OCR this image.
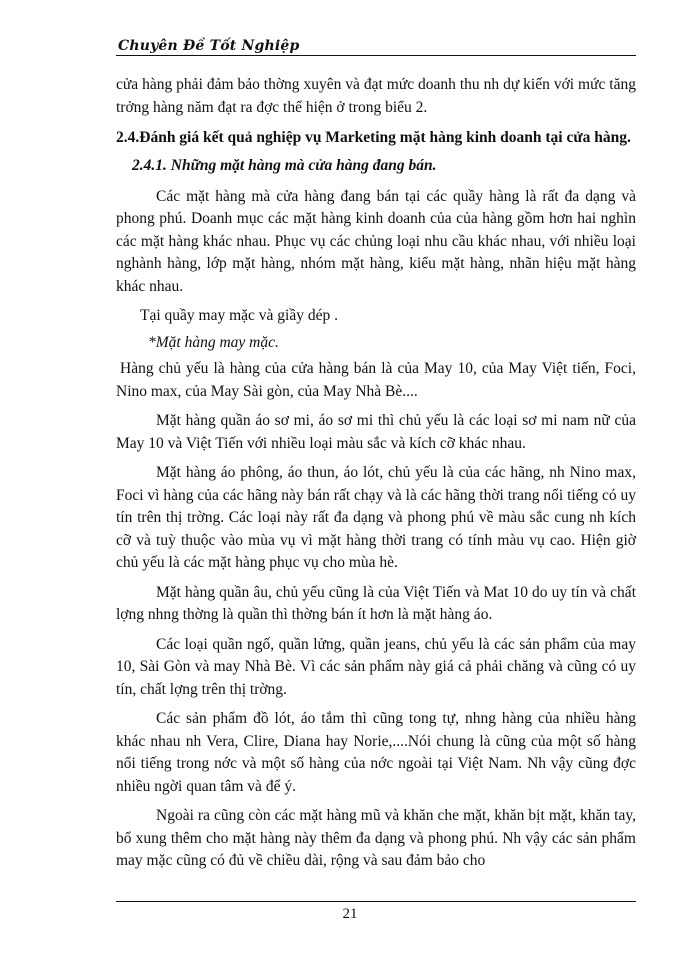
Chuyên Đề Tốt Nghiệp

cửa hàng phải đảm bảo thờng xuyên và đạt mức doanh thu nh dự kiến với mức tăng trởng hàng năm đạt ra đợc thể hiện ở trong biểu 2.

2.4.Đánh giá kết quả nghiệp vụ Marketing mặt hàng kinh doanh tại cửa hàng.

2.4.1. Những mặt hàng mà cửa hàng đang bán.

Các mặt hàng mà cửa hàng đang bán tại các quầy hàng là rất đa dạng và phong phú. Doanh mục các mặt hàng kinh doanh của của hàng gồm hơn hai nghìn các mặt hàng khác nhau. Phục vụ các chủng loại nhu cầu khác nhau, với nhiều loại nghành hàng, lớp mặt hàng, nhóm mặt hàng, kiểu mặt hàng, nhãn hiệu mặt hàng khác nhau.

Tại quầy may mặc và giầy dép .

*Mặt hàng may mặc.

Hàng chủ yếu là hàng của cửa hàng bán là của May 10, của May Việt tiến, Foci, Nino max, của May Sài gòn, của May Nhà Bè....

Mặt hàng quần áo sơ mi, áo sơ mi thì chủ yếu là các loại sơ mi nam nữ của May 10 và Việt Tiến với nhiều loại màu sắc và kích cỡ khác nhau.

Mặt hàng áo phông, áo thun, áo lót, chủ yếu là của các hãng, nh Nino max, Foci vì hàng của các hãng này bán rất chạy và là các hãng thời trang nổi tiếng có uy tín trên thị trờng. Các loại này rất đa dạng và phong phú về màu sắc cung nh kích cỡ và tuỳ thuộc vào mùa vụ vì mặt hàng thời trang có tính màu vụ cao. Hiện giờ chủ yếu là các mặt hàng phục vụ cho mùa hè.

Mặt hàng quần âu, chủ yếu cũng là của Việt Tiến và Mat 10 do uy tín và chất lợng nhng thờng là quần thì thờng bán ít hơn là mặt hàng áo.

Các loại quần ngố, quần lửng, quần jeans, chủ yếu là các sản phẩm của may 10, Sài Gòn và may Nhà Bè. Vì các sản phẩm này giá cả phải chăng và cũng có uy tín, chất lợng trên thị trờng.

Các sản phẩm đồ lót, áo tắm thì cũng tong tự, nhng hàng của nhiều hàng khác nhau nh Vera, Clire, Diana hay Norie,....Nói chung là cũng của một số hàng nổi tiếng trong nớc và một số hàng của nớc ngoài tại Việt Nam. Nh vậy cũng đợc nhiều ngời quan tâm và để ý.

Ngoài ra cũng còn các mặt hàng mũ và khăn che mặt, khăn bịt mặt, khăn tay, bổ xung thêm cho mặt hàng này thêm đa dạng và phong phú. Nh vậy các sản phẩm may mặc cũng có đủ về chiều dài, rộng và sau đảm bảo cho

21
